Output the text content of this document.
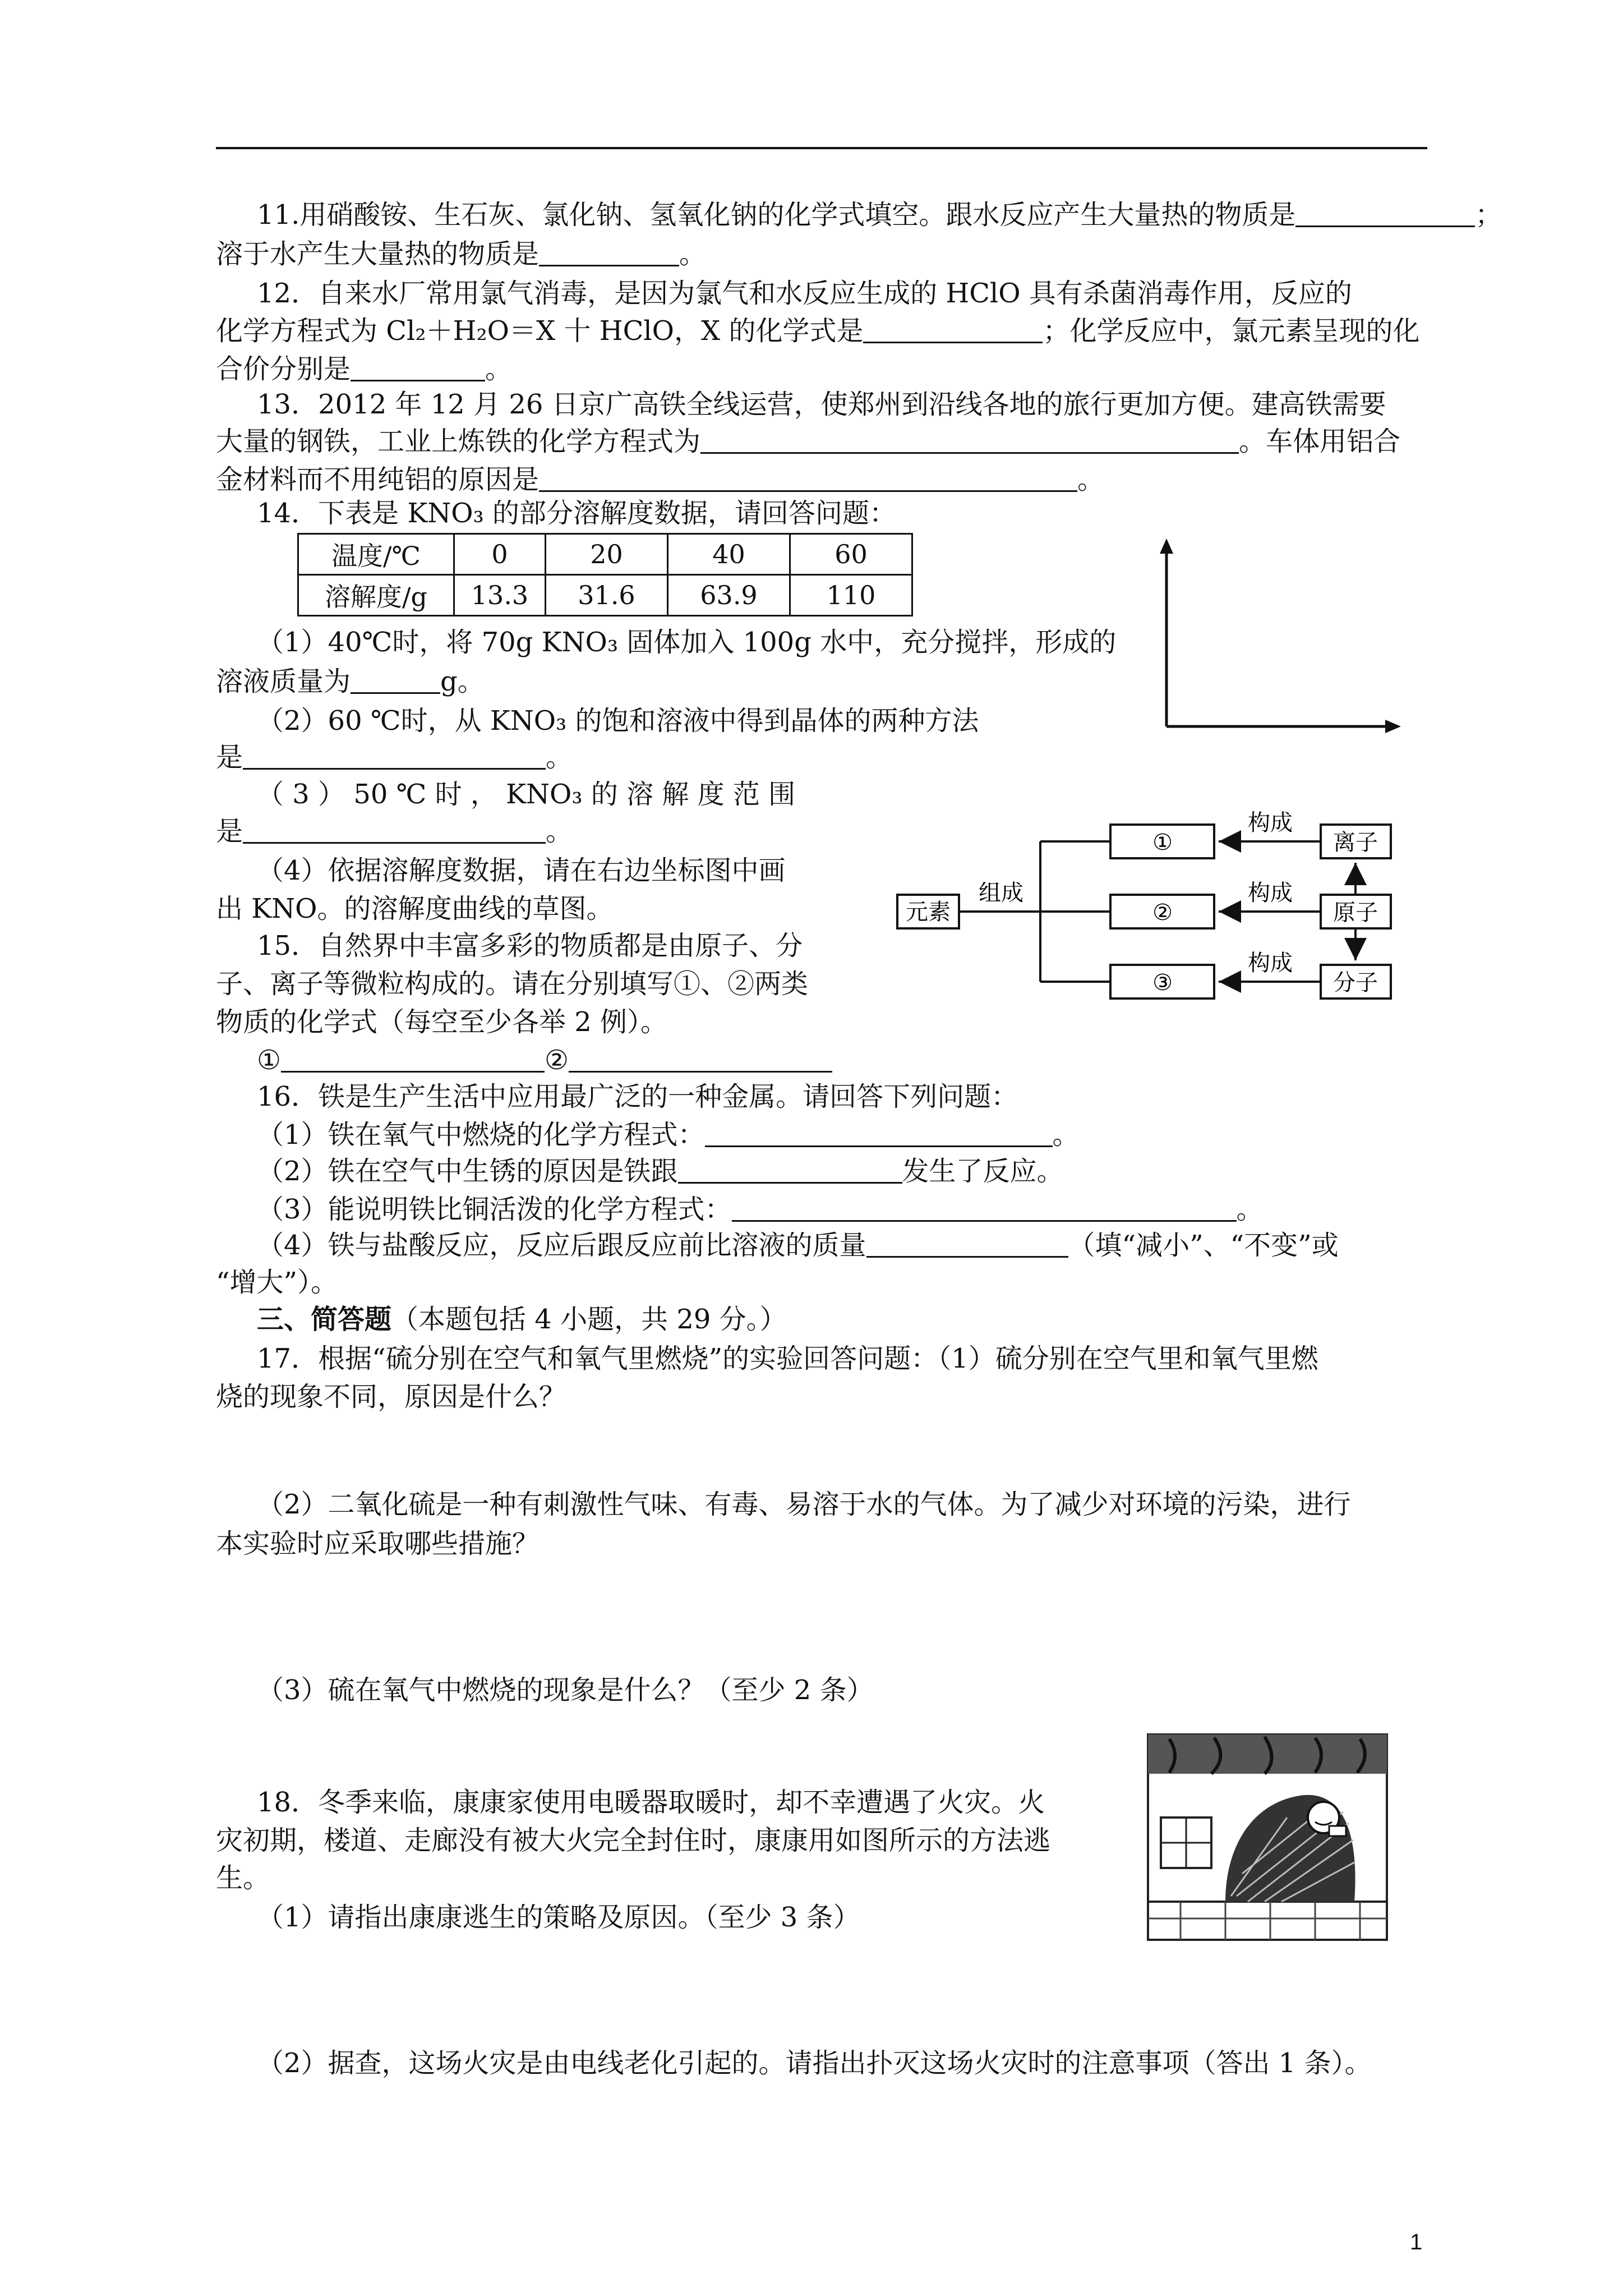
11.用硝酸铵、生石灰、氯化钠、氢氧化钠的化学式填空。跟水反应产生大量热的物质是	；
溶于水产生大量热的物质是	。
12．自来水厂常用氯气消毒，是因为氯气和水反应生成的 HClO 具有杀菌消毒作用，反应的
化学方程式为 Cl₂＋H₂O＝X 十 HClO，X 的化学式是	；化学反应中，氯元素呈现的化
合价分别是	。
13．2012 年 12 月 26 日京广高铁全线运营，使郑州到沿线各地的旅行更加方便。建高铁需要
大量的钢铁，工业上炼铁的化学方程式为	。车体用铝合
金材料而不用纯铝的原因是	。
14．下表是 KNO₃ 的部分溶解度数据，请回答问题：
温度/℃	0	20	40	60
溶解度/g	13.3	31.6	63.9	110
（1）40℃时，将 70g KNO₃ 固体加入 100g 水中，充分搅拌，形成的
溶液质量为	g。
（2）60 ℃时，从 KNO₃ 的饱和溶液中得到晶体的两种方法
是	。
（ 3 ） 50 ℃ 时 ， KNO₃ 的 溶 解 度 范 围
是	。
（4）依据溶解度数据，请在右边坐标图中画
出 KNO。的溶解度曲线的草图。	元素
组成
①
②
③
构成
构成
构成
离子
原子
分子
15．自然界中丰富多彩的物质都是由原子、分
子、离子等微粒构成的。请在分别填写①、②两类
物质的化学式（每空至少各举 2 例）。
①	②
16．铁是生产生活中应用最广泛的一种金属。请回答下列问题：
（1）铁在氧气中燃烧的化学方程式：	。
（2）铁在空气中生锈的原因是铁跟	发生了反应。
（3）能说明铁比铜活泼的化学方程式：	。
（4）铁与盐酸反应，反应后跟反应前比溶液的质量	（填“减小”、“不变”或
“增大”）。
三、简答题（本题包括 4 小题，共 29 分。）
17．根据“硫分别在空气和氧气里燃烧”的实验回答问题：（1）硫分别在空气里和氧气里燃
烧的现象不同，原因是什么？
（2）二氧化硫是一种有刺激性气味、有毒、易溶于水的气体。为了减少对环境的污染，进行
本实验时应采取哪些措施？
（3）硫在氧气中燃烧的现象是什么？（至少 2 条）
18．冬季来临，康康家使用电暖器取暖时，却不幸遭遇了火灾。火
灾初期，楼道、走廊没有被大火完全封住时，康康用如图所示的方法逃
生。
（1）请指出康康逃生的策略及原因。（至少 3 条）
（2）据查，这场火灾是由电线老化引起的。请指出扑灭这场火灾时的注意事项（答出 1 条）。
1
